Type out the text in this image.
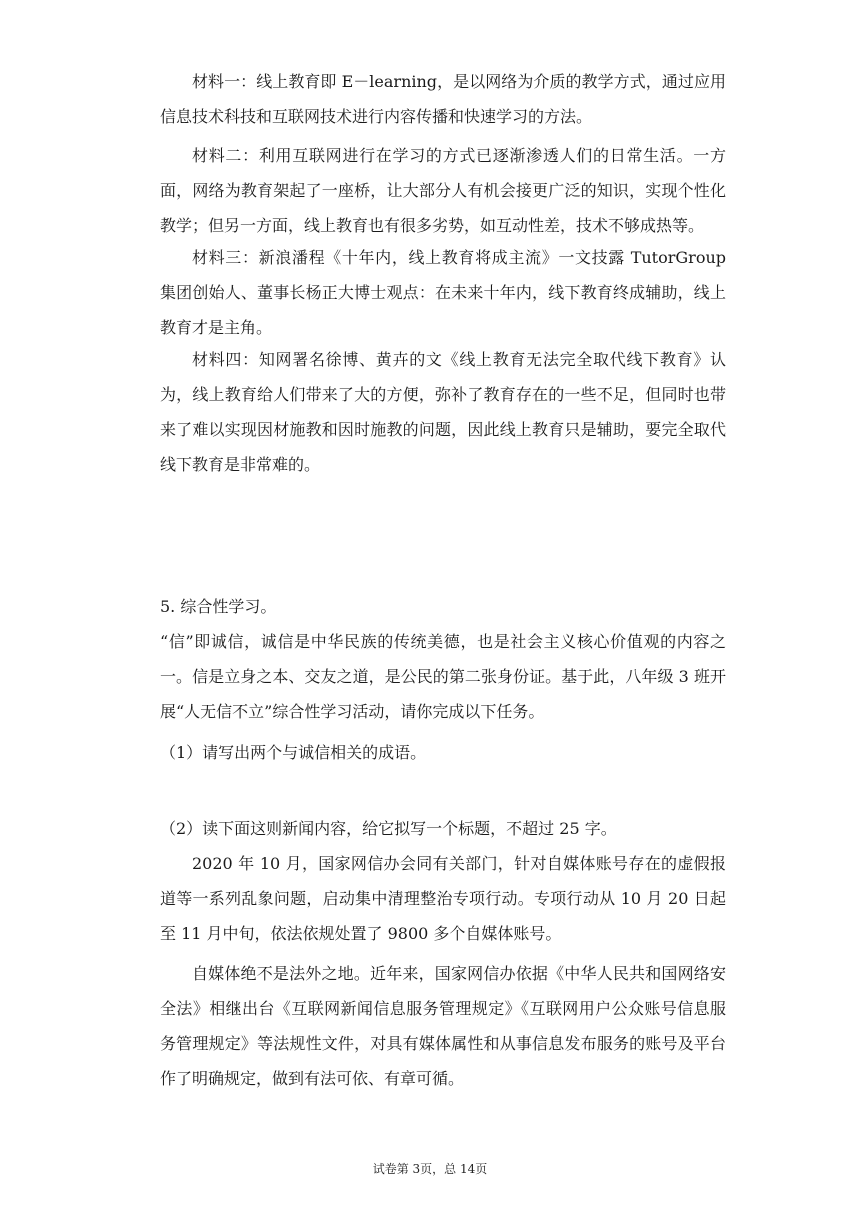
材料一：线上教育即 E－learning，是以网络为介质的教学方式，通过应用信息技术科技和互联网技术进行内容传播和快速学习的方法。

材料二：利用互联网进行在学习的方式已逐渐渗透人们的日常生活。一方面，网络为教育架起了一座桥，让大部分人有机会接更广泛的知识，实现个性化教学；但另一方面，线上教育也有很多劣势，如互动性差，技术不够成热等。

材料三：新浪潘程《十年内，线上教育将成主流》一文技露 TutorGroup 集团创始人、董事长杨正大博士观点：在未来十年内，线下教育终成辅助，线上教育才是主角。

材料四：知网署名徐博、黄卉的文《线上教育无法完全取代线下教育》认为，线上教育给人们带来了大的方便，弥补了教育存在的一些不足，但同时也带来了难以实现因材施教和因时施教的问题，因此线上教育只是辅助，要完全取代线下教育是非常难的。

5. 综合性学习。

“信”即诚信，诚信是中华民族的传统美德，也是社会主义核心价值观的内容之一。信是立身之本、交友之道，是公民的第二张身份证。基于此，八年级 3 班开展“人无信不立”综合性学习活动，请你完成以下任务。

（1）请写出两个与诚信相关的成语。

（2）读下面这则新闻内容，给它拟写一个标题，不超过 25 字。

2020 年 10 月，国家网信办会同有关部门，针对自媒体账号存在的虚假报道等一系列乱象问题，启动集中清理整治专项行动。专项行动从 10 月 20 日起至 11 月中旬，依法依规处置了 9800 多个自媒体账号。

自媒体绝不是法外之地。近年来，国家网信办依据《中华人民共和国网络安全法》相继出台《互联网新闻信息服务管理规定》《互联网用户公众账号信息服务管理规定》等法规性文件，对具有媒体属性和从事信息发布服务的账号及平台作了明确规定，做到有法可依、有章可循。

试卷第 3页，总 14页
